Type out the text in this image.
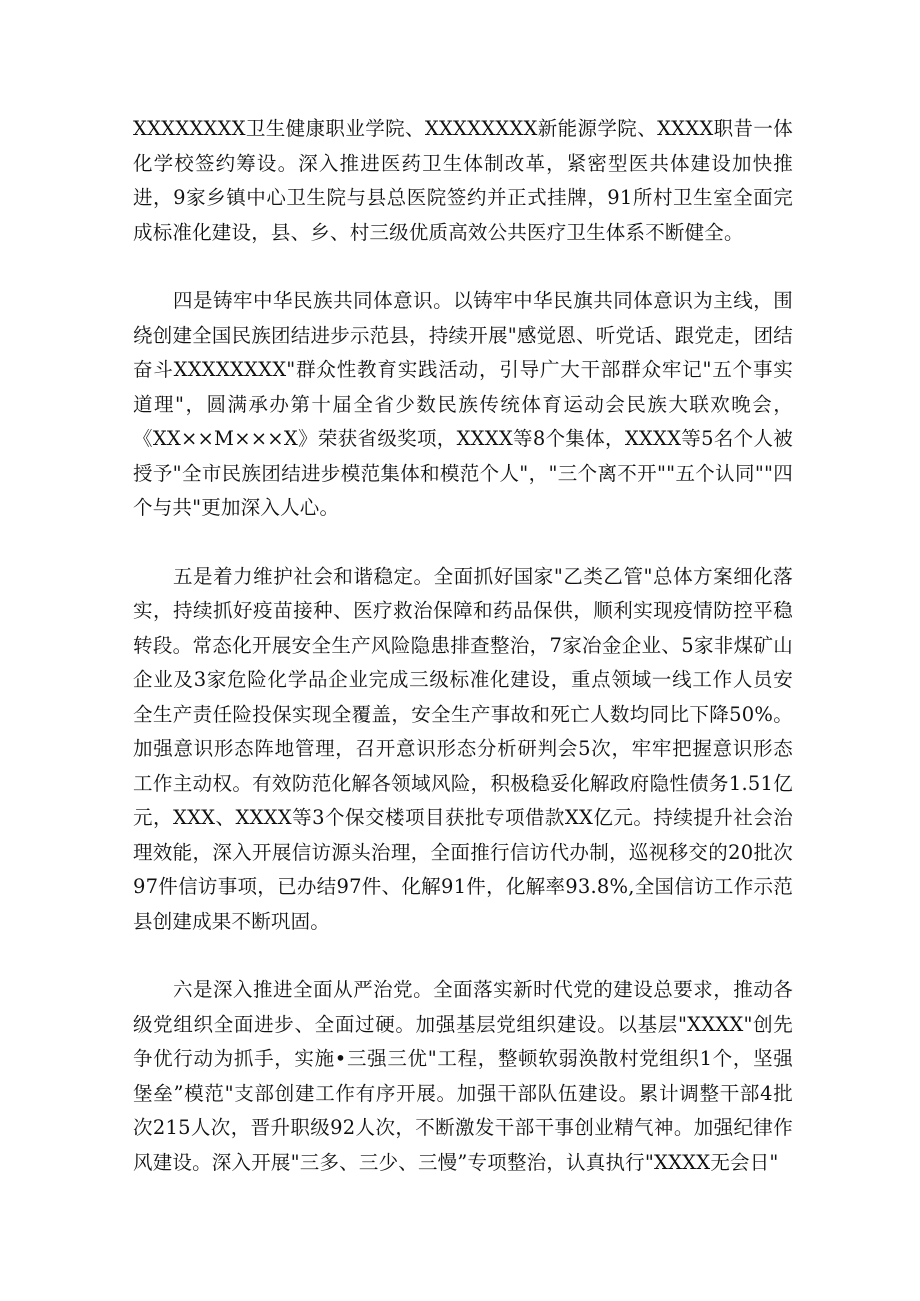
XXXXXXXX卫生健康职业学院、XXXXXXXX新能源学院、XXXX职昔一体化学校签约筹设。深入推进医药卫生体制改革，紧密型医共体建设加快推进，9家乡镇中心卫生院与县总医院签约并正式挂牌，91所村卫生室全面完成标准化建设，县、乡、村三级优质高效公共医疗卫生体系不断健全。

四是铸牢中华民族共同体意识。以铸牢中华民旗共同体意识为主线，围绕创建全国民族团结进步示范县，持续开展"感觉恩、听党话、跟党走，团结奋斗XXXXXXXX"群众性教育实践活动，引导广大干部群众牢记"五个事实道理"，圆满承办第十届全省少数民族传统体育运动会民族大联欢晚会，《XX××M×××X》荣获省级奖项，XXXX等8个集体，XXXX等5名个人被授予"全市民族团结进步模范集体和模范个人"，"三个离不开""五个认同""四个与共"更加深入人心。

五是着力维护社会和谐稳定。全面抓好国家"乙类乙管"总体方案细化落实，持续抓好疫苗接种、医疗救治保障和药品保供，顺利实现疫情防控平稳转段。常态化开展安全生产风险隐患排查整治，7家冶金企业、5家非煤矿山企业及3家危险化学品企业完成三级标准化建设，重点领域一线工作人员安全生产责任险投保实现全覆盖，安全生产事故和死亡人数均同比下降50%。加强意识形态阵地管理，召开意识形态分析研判会5次，牢牢把握意识形态工作主动权。有效防范化解各领域风险，积极稳妥化解政府隐性债务1.51亿元，XXX、XXXX等3个保交楼项目获批专项借款XX亿元。持续提升社会治理效能，深入开展信访源头治理，全面推行信访代办制，巡视移交的20批次97件信访事项，已办结97件、化解91件，化解率93.8%,全国信访工作示范县创建成果不断巩固。

六是深入推进全面从严治党。全面落实新时代党的建设总要求，推动各级党组织全面进步、全面过硬。加强基层党组织建设。以基层"XXXX"创先争优行动为抓手，实施•三强三优"工程，整顿软弱涣散村党组织1个，坚强堡垒”模范"支部创建工作有序开展。加强干部队伍建设。累计调整干部4批次215人次，晋升职级92人次，不断激发干部干事创业精气神。加强纪律作风建设。深入开展"三多、三少、三慢”专项整治，认真执行"XXXX无会日"
